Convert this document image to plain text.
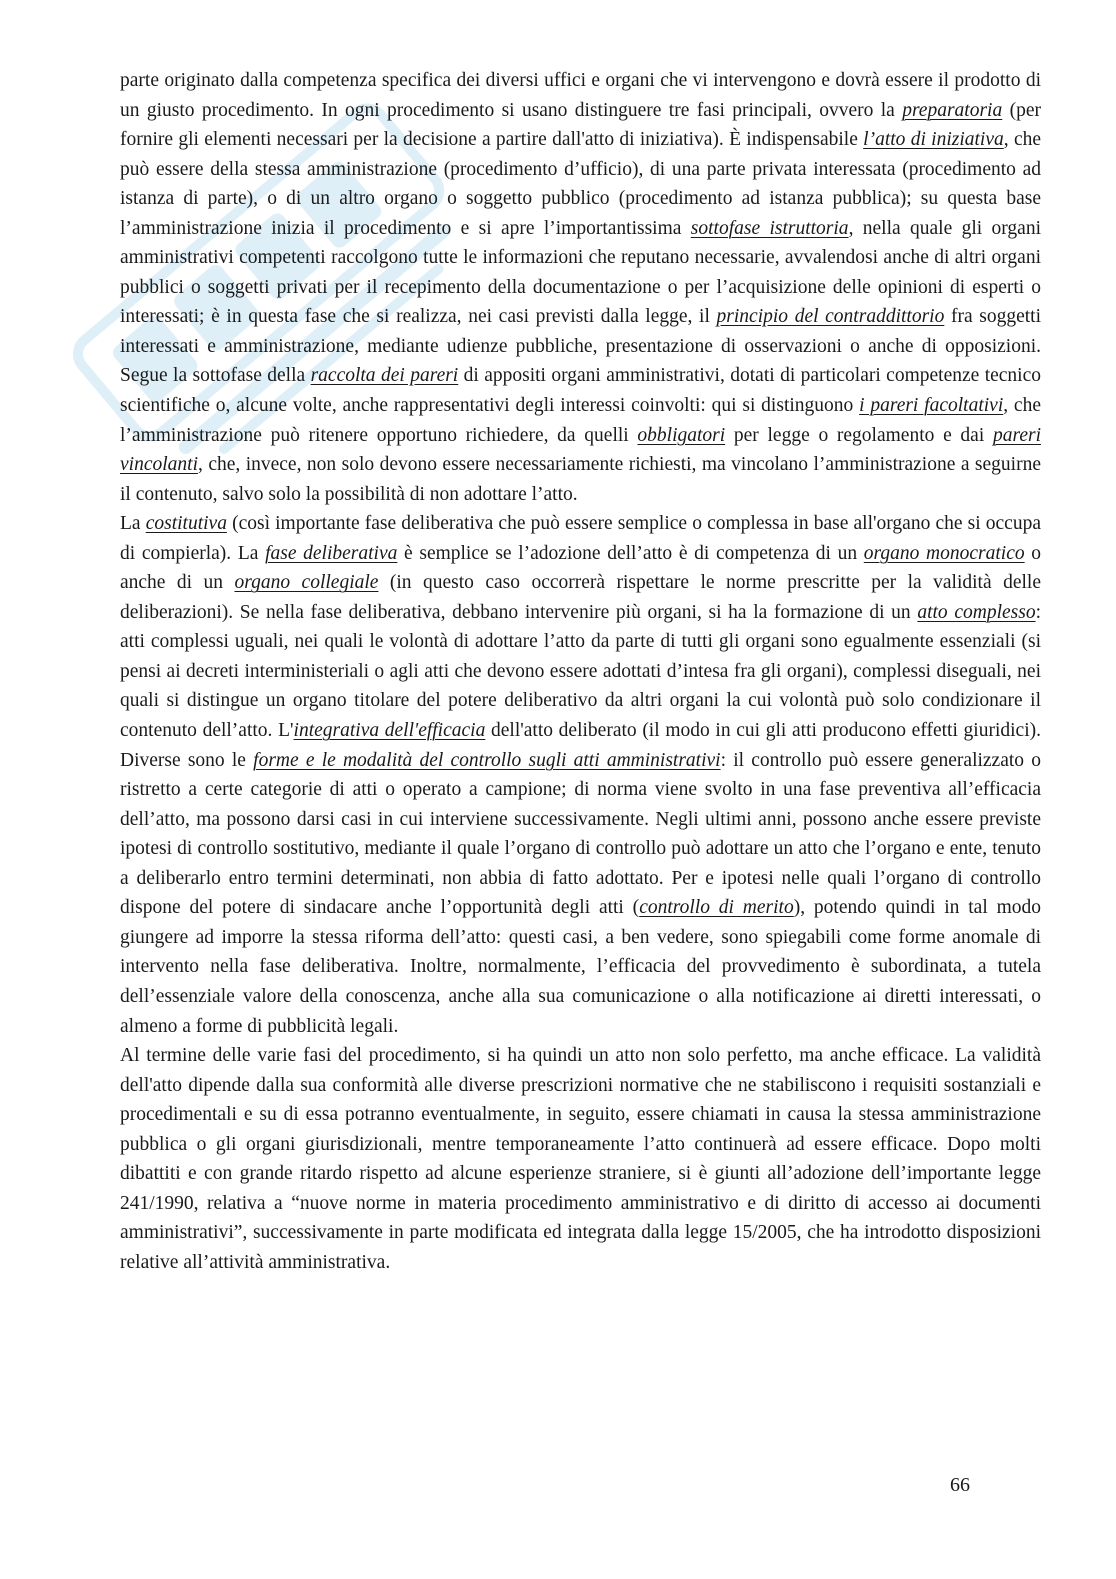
parte originato dalla competenza specifica dei diversi uffici e organi che vi intervengono e dovrà essere il prodotto di un giusto procedimento. In ogni procedimento si usano distinguere tre fasi principali, ovvero la preparatoria (per fornire gli elementi necessari per la decisione a partire dall'atto di iniziativa). È indispensabile l’atto di iniziativa, che può essere della stessa amministrazione (procedimento d’ufficio), di una parte privata interessata (procedimento ad istanza di parte), o di un altro organo o soggetto pubblico (procedimento ad istanza pubblica); su questa base l’amministrazione inizia il procedimento e si apre l’importantissima sottofase istruttoria, nella quale gli organi amministrativi competenti raccolgono tutte le informazioni che reputano necessarie, avvalendosi anche di altri organi pubblici o soggetti privati per il recepimento della documentazione o per l’acquisizione delle opinioni di esperti o interessati; è in questa fase che si realizza, nei casi previsti dalla legge, il principio del contraddittorio fra soggetti interessati e amministrazione, mediante udienze pubbliche, presentazione di osservazioni o anche di opposizioni. Segue la sottofase della raccolta dei pareri di appositi organi amministrativi, dotati di particolari competenze tecnico scientifiche o, alcune volte, anche rappresentativi degli interessi coinvolti: qui si distinguono i pareri facoltativi, che l’amministrazione può ritenere opportuno richiedere, da quelli obbligatori per legge o regolamento e dai pareri vincolanti, che, invece, non solo devono essere necessariamente richiesti, ma vincolano l’amministrazione a seguirne il contenuto, salvo solo la possibilità di non adottare l’atto.

La costitutiva (così importante fase deliberativa che può essere semplice o complessa in base all'organo che si occupa di compierla). La fase deliberativa è semplice se l’adozione dell’atto è di competenza di un organo monocratico o anche di un organo collegiale (in questo caso occorrerà rispettare le norme prescritte per la validità delle deliberazioni). Se nella fase deliberativa, debbano intervenire più organi, si ha la formazione di un atto complesso: atti complessi uguali, nei quali le volontà di adottare l’atto da parte di tutti gli organi sono egualmente essenziali (si pensi ai decreti interministeriali o agli atti che devono essere adottati d’intesa fra gli organi), complessi diseguali, nei quali si distingue un organo titolare del potere deliberativo da altri organi la cui volontà può solo condizionare il contenuto dell’atto. L'integrativa dell'efficacia dell'atto deliberato (il modo in cui gli atti producono effetti giuridici). Diverse sono le forme e le modalità del controllo sugli atti amministrativi: il controllo può essere generalizzato o ristretto a certe categorie di atti o operato a campione; di norma viene svolto in una fase preventiva all’efficacia dell’atto, ma possono darsi casi in cui interviene successivamente. Negli ultimi anni, possono anche essere previste ipotesi di controllo sostitutivo, mediante il quale l’organo di controllo può adottare un atto che l’organo e ente, tenuto a deliberarlo entro termini determinati, non abbia di fatto adottato. Per e ipotesi nelle quali l’organo di controllo dispone del potere di sindacare anche l’opportunità degli atti (controllo di merito), potendo quindi in tal modo giungere ad imporre la stessa riforma dell’atto: questi casi, a ben vedere, sono spiegabili come forme anomale di intervento nella fase deliberativa. Inoltre, normalmente, l’efficacia del provvedimento è subordinata, a tutela dell’essenziale valore della conoscenza, anche alla sua comunicazione o alla notificazione ai diretti interessati, o almeno a forme di pubblicità legali.

Al termine delle varie fasi del procedimento, si ha quindi un atto non solo perfetto, ma anche efficace. La validità dell'atto dipende dalla sua conformità alle diverse prescrizioni normative che ne stabiliscono i requisiti sostanziali e procedimentali e su di essa potranno eventualmente, in seguito, essere chiamati in causa la stessa amministrazione pubblica o gli organi giurisdizionali, mentre temporaneamente l’atto continuerà ad essere efficace. Dopo molti dibattiti e con grande ritardo rispetto ad alcune esperienze straniere, si è giunti all’adozione dell’importante legge 241/1990, relativa a “nuove norme in materia procedimento amministrativo e di diritto di accesso ai documenti amministrativi”, successivamente in parte modificata ed integrata dalla legge 15/2005, che ha introdotto disposizioni relative all’attività amministrativa.

66
